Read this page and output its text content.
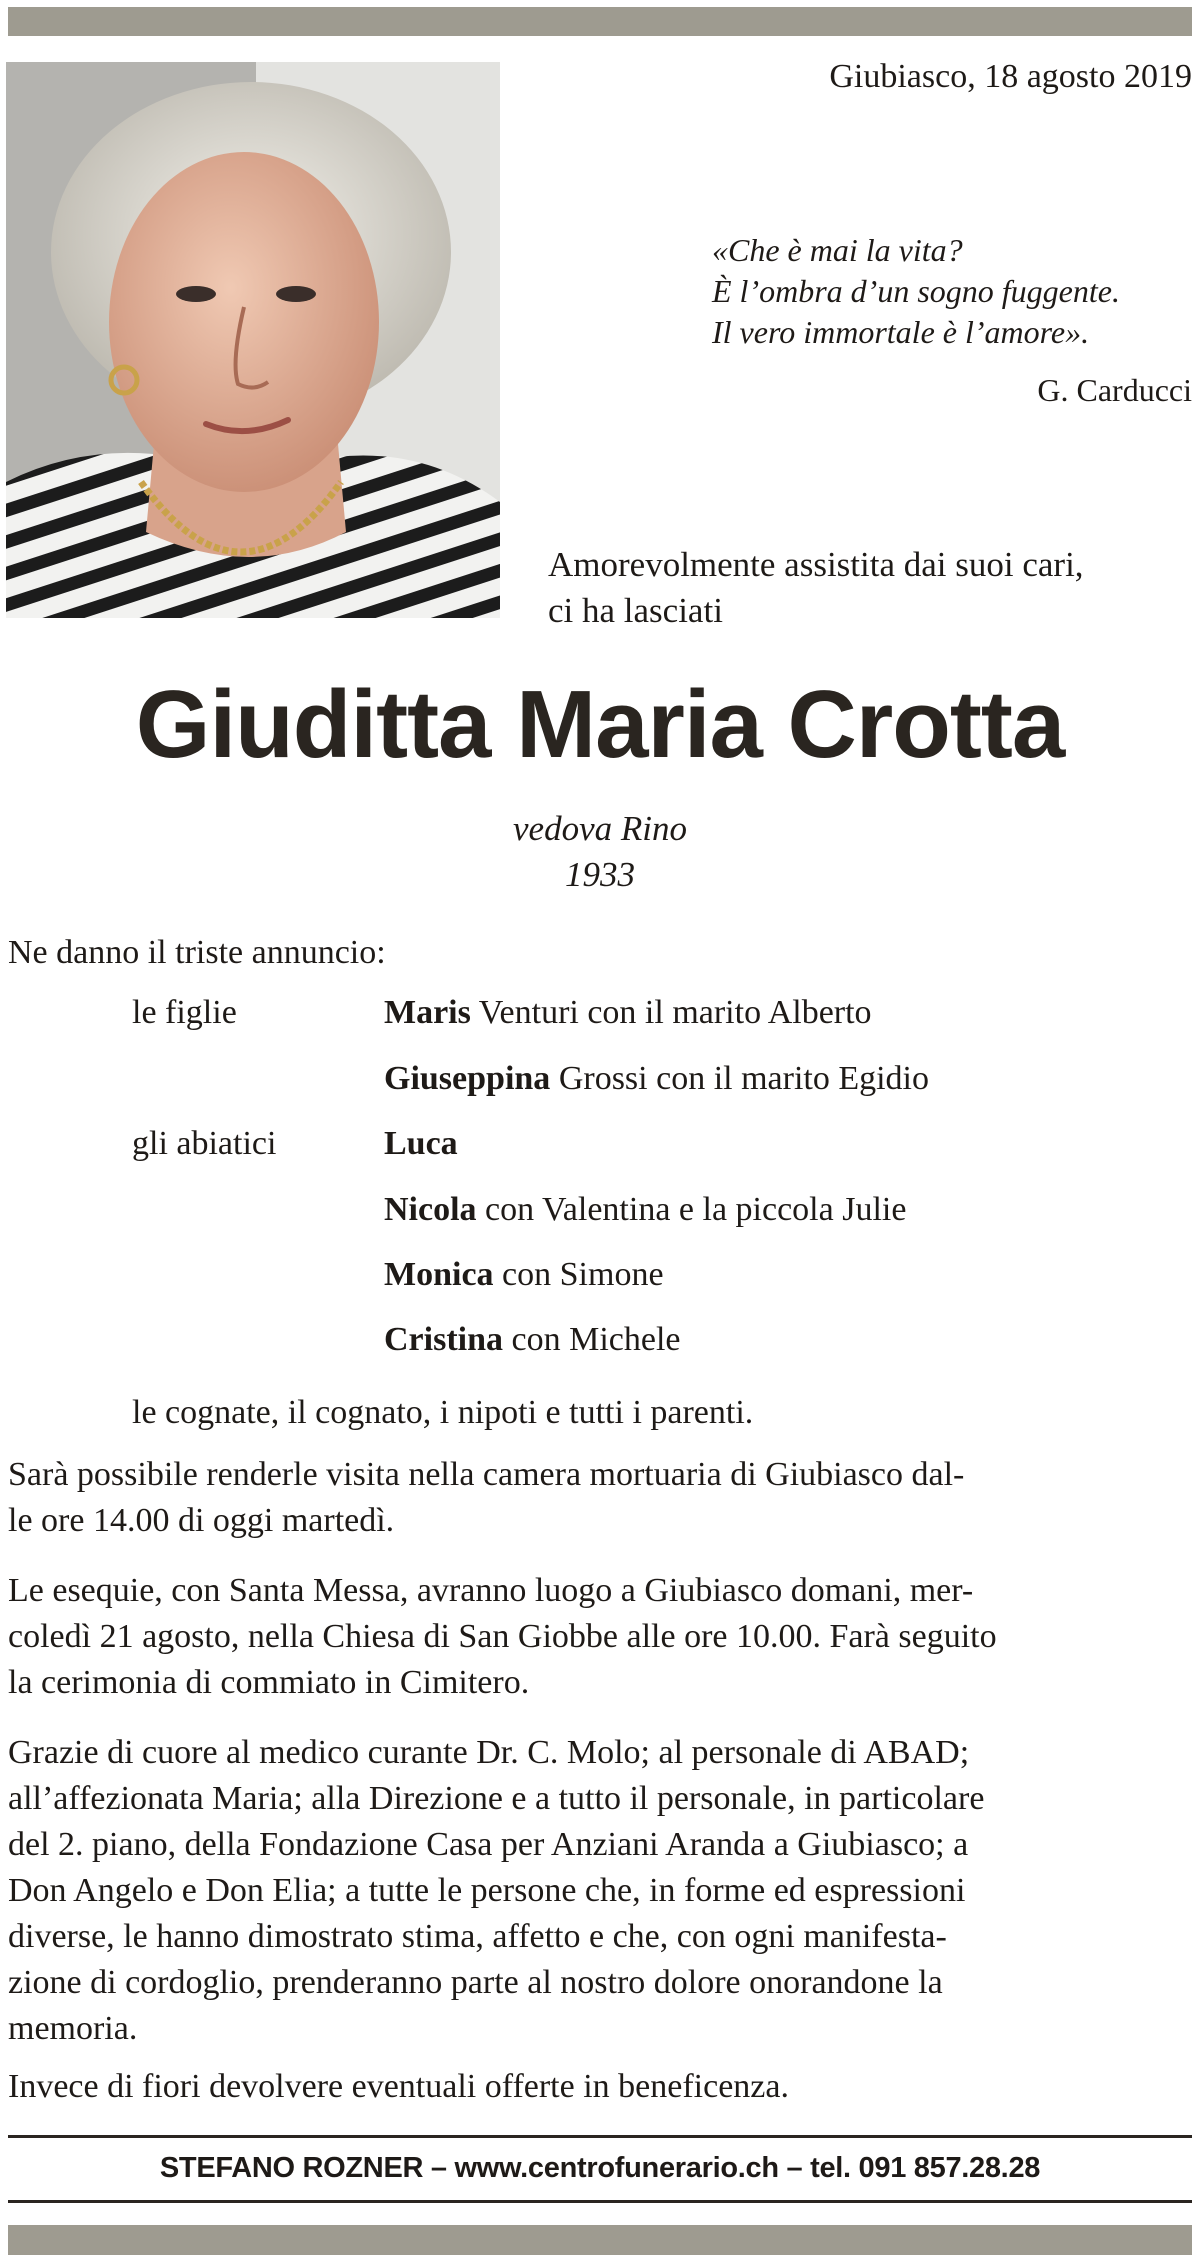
Giubiasco, 18 agosto 2019
«Che è mai la vita?
È l’ombra d’un sogno fuggente.
Il vero immortale è l’amore».
G. Carducci
Amorevolmente assistita dai suoi cari,
ci ha lasciati
Giuditta Maria Crotta
vedova Rino
1933
Ne danno il triste annuncio:
le figlie	Maris Venturi con il marito Alberto
Giuseppina Grossi con il marito Egidio
gli abiatici	Luca
Nicola con Valentina e la piccola Julie
Monica con Simone
Cristina con Michele
le cognate, il cognato, i nipoti e tutti i parenti.
Sarà possibile renderle visita nella camera mortuaria di Giubiasco dal-
le ore 14.00 di oggi martedì.
Le esequie, con Santa Messa, avranno luogo a Giubiasco domani, mer-
coledì 21 agosto, nella Chiesa di San Giobbe alle ore 10.00. Farà seguito
la cerimonia di commiato in Cimitero.
Grazie di cuore al medico curante Dr. C. Molo; al personale di ABAD;
all’affezionata Maria; alla Direzione e a tutto il personale, in particolare
del 2. piano, della Fondazione Casa per Anziani Aranda a Giubiasco; a
Don Angelo e Don Elia; a tutte le persone che, in forme ed espressioni
diverse, le hanno dimostrato stima, affetto e che, con ogni manifesta-
zione di cordoglio, prenderanno parte al nostro dolore onorandone la
memoria.
Invece di fiori devolvere eventuali offerte in beneficenza.
STEFANO ROZNER – www.centrofunerario.ch – tel. 091 857.28.28
